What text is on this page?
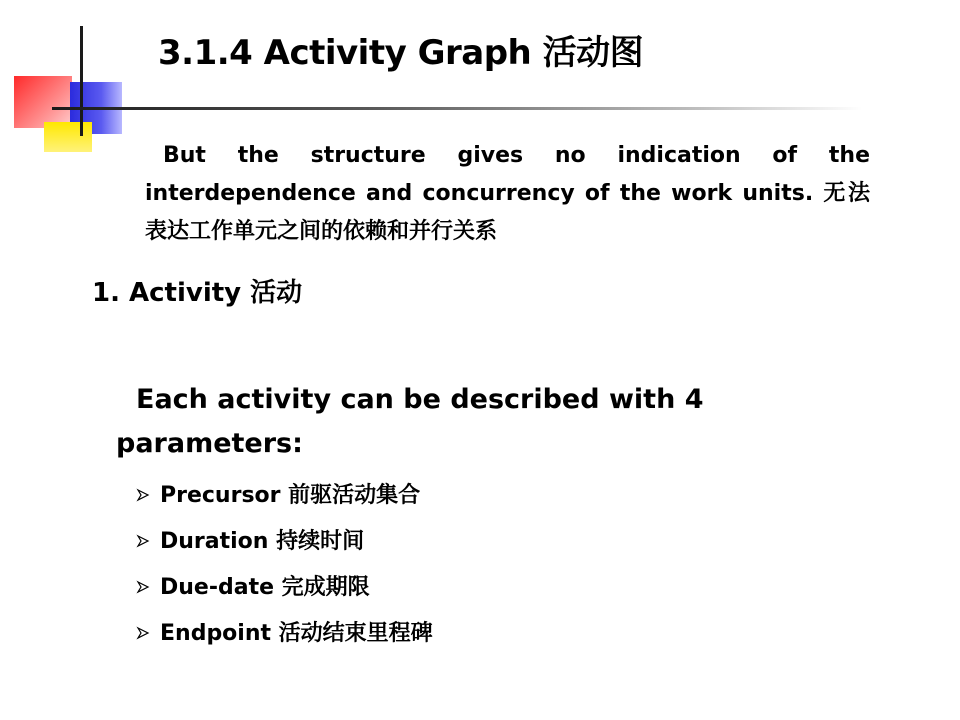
3.1.4 Activity Graph 活动图
But the structure gives no indication of the interdependence and concurrency of the work units. 无法表达工作单元之间的依赖和并行关系
1. Activity 活动
Each activity can be described with 4 parameters:
Precursor 前驱活动集合
Duration 持续时间
Due-date 完成期限
Endpoint 活动结束里程碑
